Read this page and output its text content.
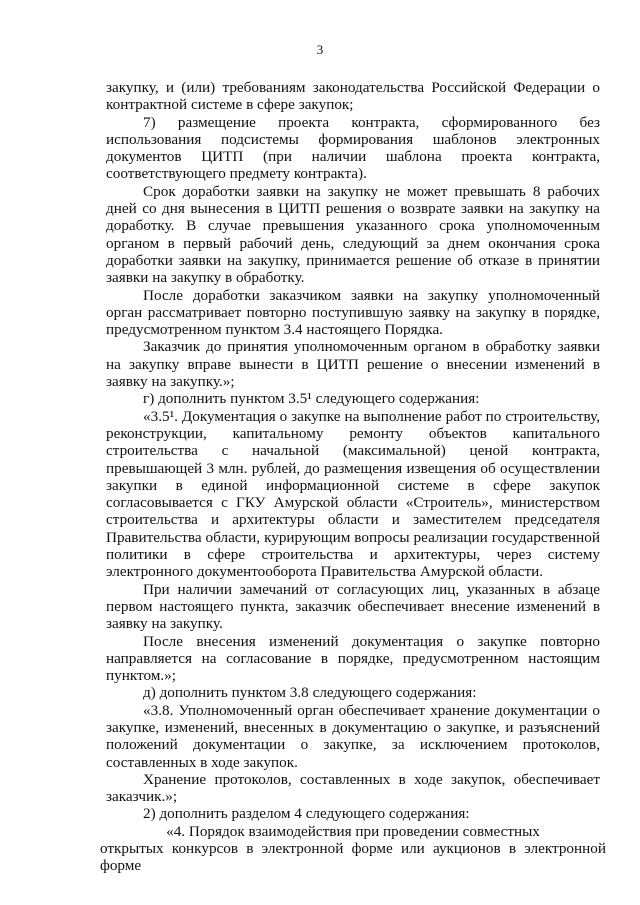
3

закупку, и (или) требованиям законодательства Российской Федерации о контрактной системе в сфере закупок;

7) размещение проекта контракта, сформированного без использования подсистемы формирования шаблонов электронных документов ЦИТП (при наличии шаблона проекта контракта, соответствующего предмету контракта).

Срок доработки заявки на закупку не может превышать 8 рабочих дней со дня вынесения в ЦИТП решения о возврате заявки на закупку на доработку. В случае превышения указанного срока уполномоченным органом в первый рабочий день, следующий за днем окончания срока доработки заявки на закупку, принимается решение об отказе в принятии заявки на закупку в обработку.

После доработки заказчиком заявки на закупку уполномоченный орган рассматривает повторно поступившую заявку на закупку в порядке, предусмотренном пунктом 3.4 настоящего Порядка.

Заказчик до принятия уполномоченным органом в обработку заявки на закупку вправе вынести в ЦИТП решение о внесении изменений в заявку на закупку.»;

г) дополнить пунктом 3.5¹ следующего содержания:

«3.5¹. Документация о закупке на выполнение работ по строительству, реконструкции, капитальному ремонту объектов капитального строительства с начальной (максимальной) ценой контракта, превышающей 3 млн. рублей, до размещения извещения об осуществлении закупки в единой информационной системе в сфере закупок согласовывается с ГКУ Амурской области «Строитель», министерством строительства и архитектуры области и заместителем председателя Правительства области, курирующим вопросы реализации государственной политики в сфере строительства и архитектуры, через систему электронного документооборота Правительства Амурской области.

При наличии замечаний от согласующих лиц, указанных в абзаце первом настоящего пункта, заказчик обеспечивает внесение изменений в заявку на закупку.

После внесения изменений документация о закупке повторно направляется на согласование в порядке, предусмотренном настоящим пунктом.»;

д) дополнить пунктом 3.8 следующего содержания:

«3.8. Уполномоченный орган обеспечивает хранение документации о закупке, изменений, внесенных в документацию о закупке, и разъяснений положений документации о закупке, за исключением протоколов, составленных в ходе закупок.

Хранение протоколов, составленных в ходе закупок, обеспечивает заказчик.»;

2) дополнить разделом 4 следующего содержания:

«4. Порядок взаимодействия при проведении совместных

открытых конкурсов в электронной форме или аукционов в электронной форме
